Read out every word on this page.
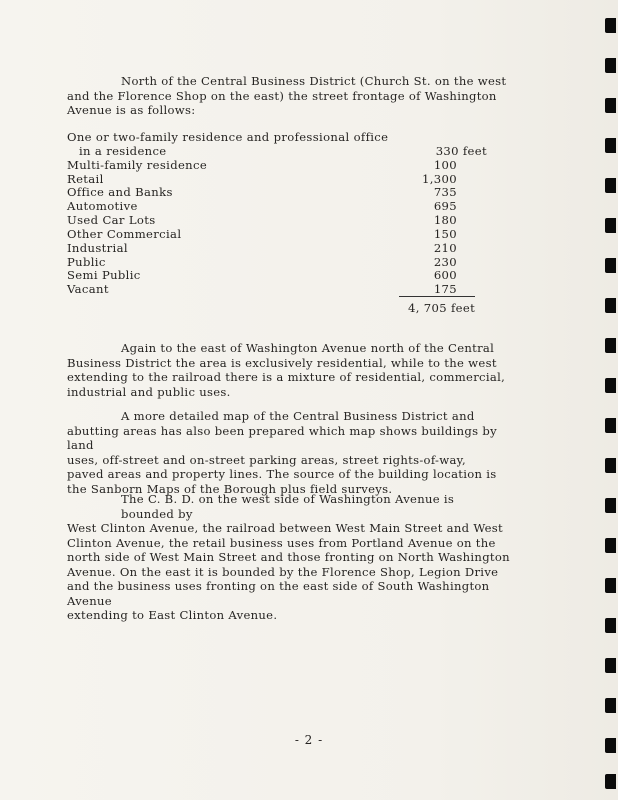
North of the Central Business District (Church St. on the west
and the Florence Shop on the east) the street frontage of Washington
Avenue is as follows:
One or two-family residence and professional office
in a residence	330 feet
Multi-family residence	100
Retail	1,300
Office and Banks	735
Automotive	695
Used Car Lots	180
Other Commercial	150
Industrial	210
Public	230
Semi Public	600
Vacant	175
4, 705 feet
Again to the east of Washington Avenue north of the Central
Business District the area is exclusively residential, while to the west
extending to the railroad there is a mixture of residential, commercial,
industrial and public uses.
A more detailed map of the Central Business District and
abutting areas has also been prepared which map shows buildings by land
uses, off-street and on-street parking areas, street rights-of-way,
paved areas and property lines. The source of the building location is
the Sanborn Maps of the Borough plus field surveys.
The C. B. D. on the west side of Washington Avenue is bounded by
West Clinton Avenue, the railroad between West Main Street and West
Clinton Avenue, the retail business uses from Portland Avenue on the
north side of West Main Street and those fronting on North Washington
Avenue. On the east it is bounded by the Florence Shop, Legion Drive
and the business uses fronting on the east side of South Washington Avenue
extending to East Clinton Avenue.
- 2 -
